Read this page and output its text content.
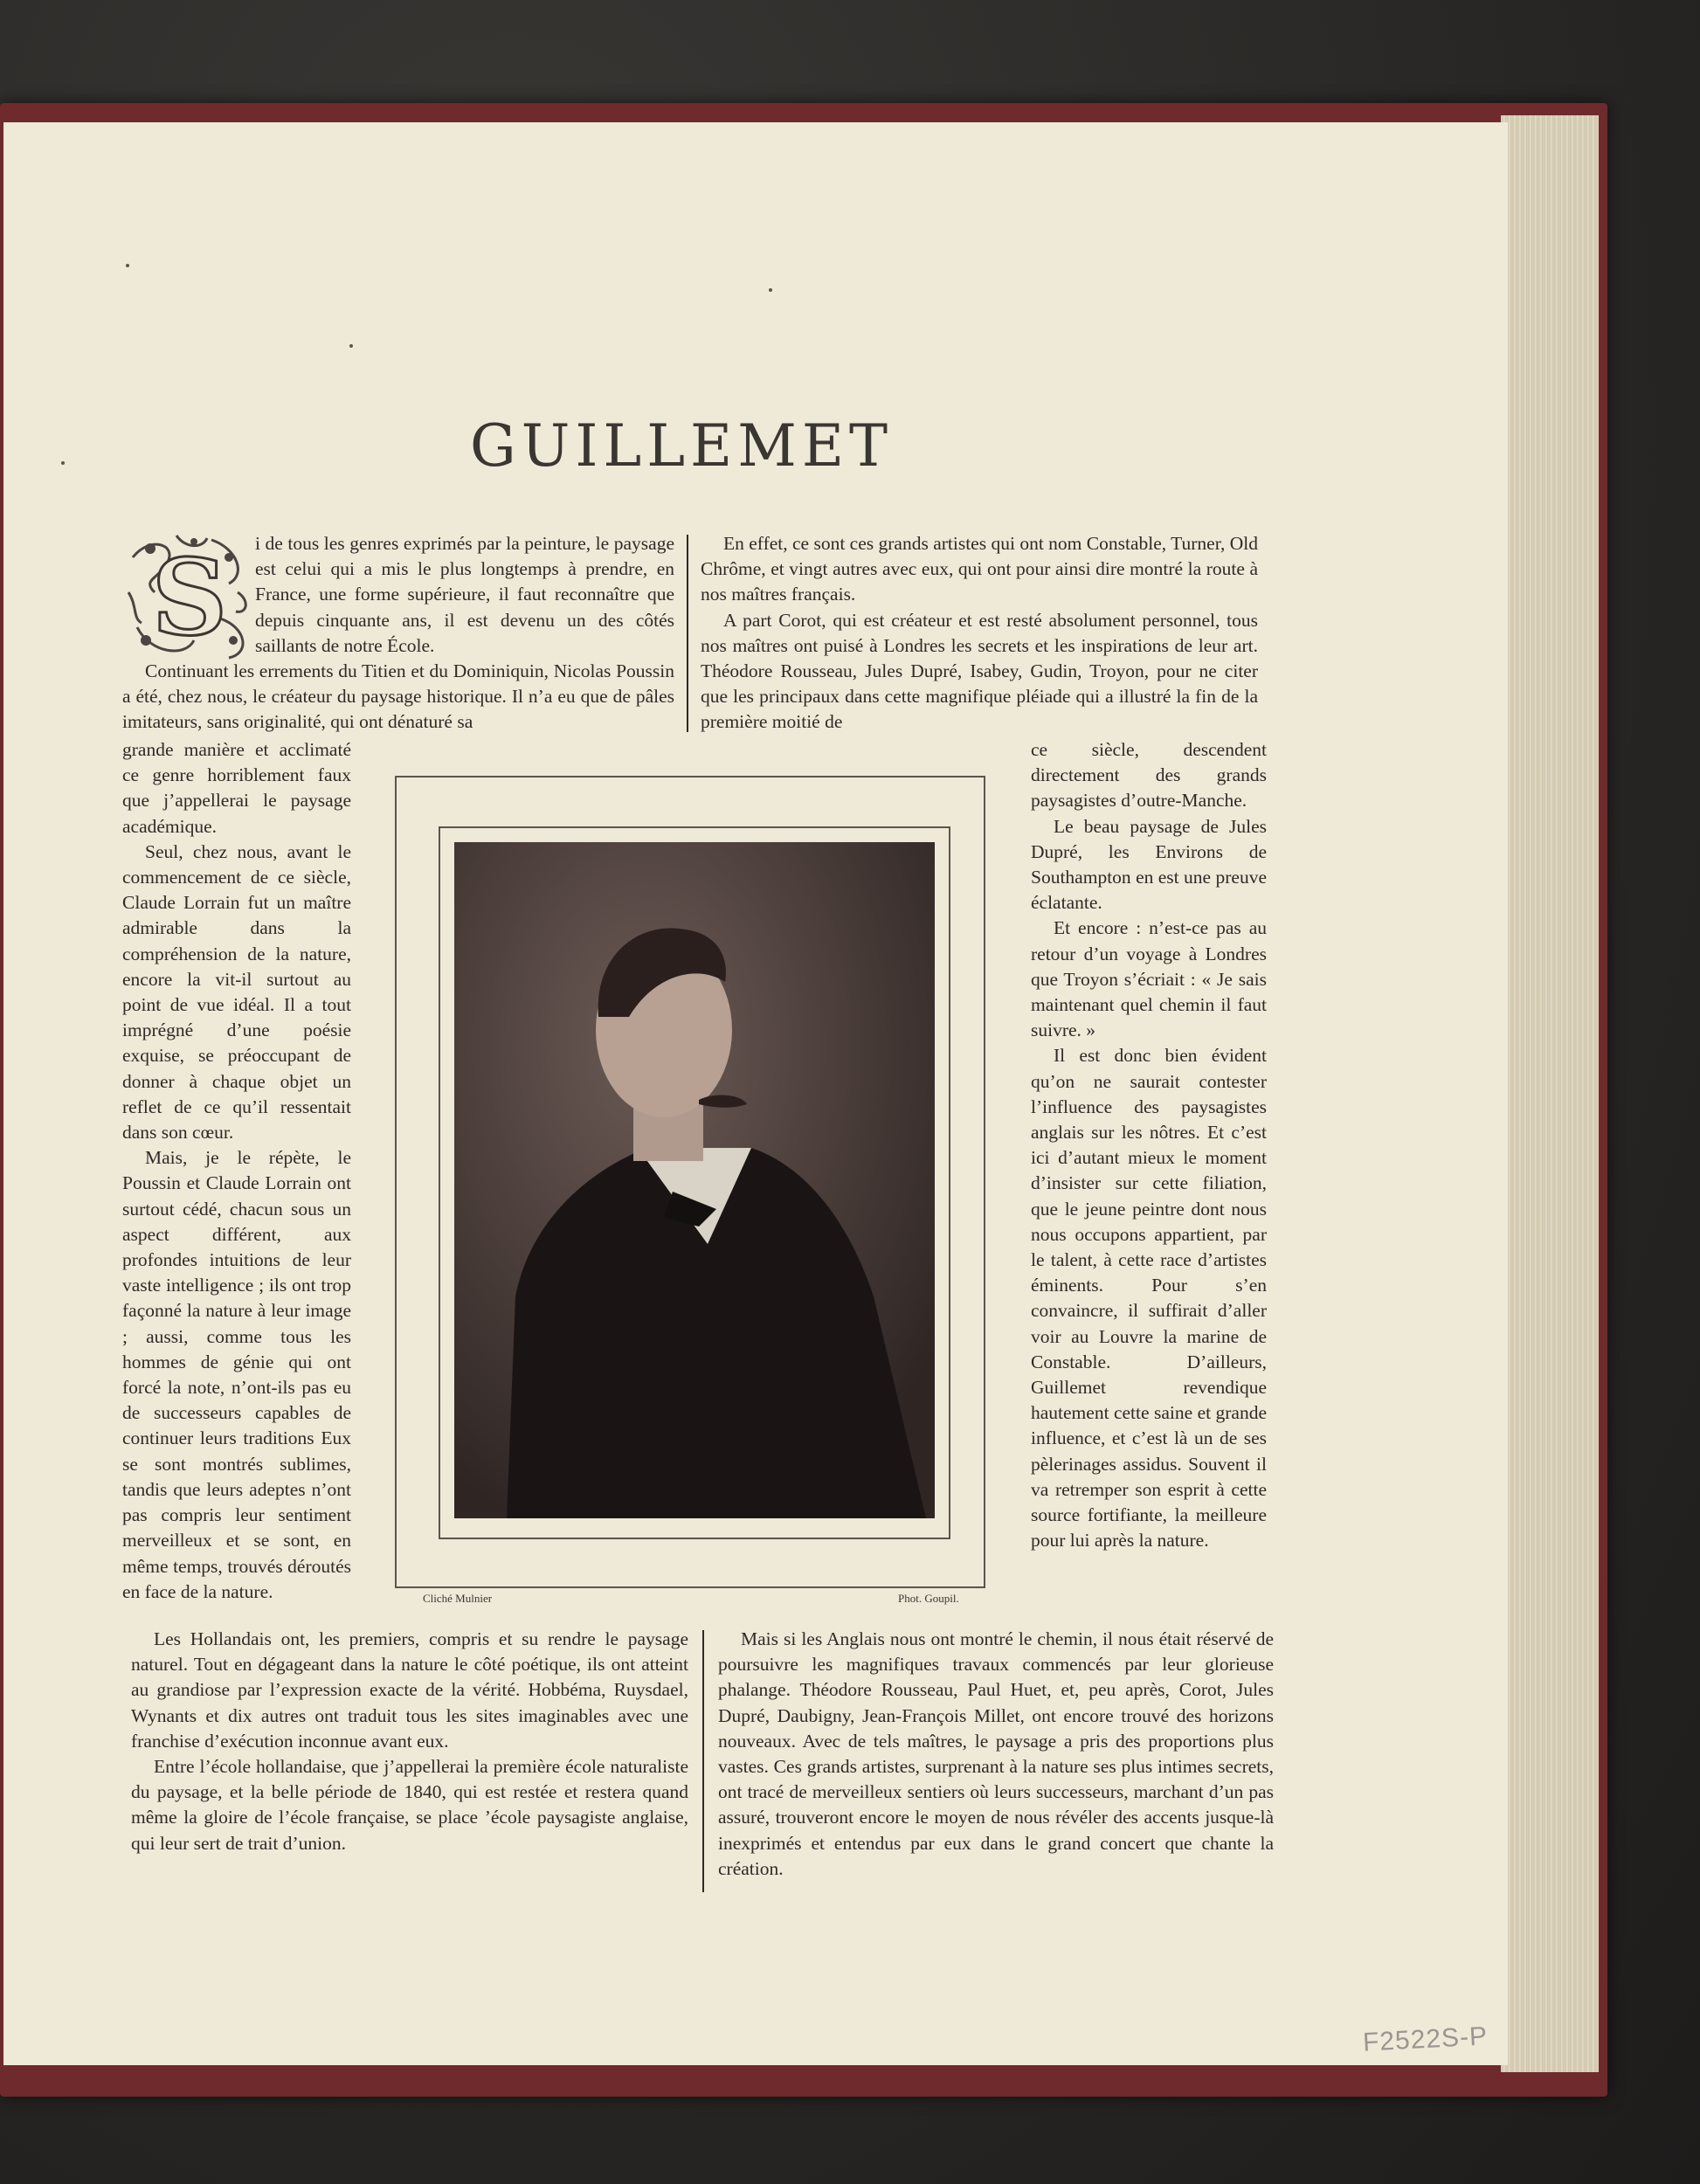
GUILLEMET
S i de tous les genres exprimés par la peinture, le paysage est celui qui a mis le plus longtemps à prendre, en France, une forme supérieure, il faut reconnaître que depuis cinquante ans, il est devenu un des côtés saillants de notre École.

Continuant les errements du Titien et du Dominiquin, Nicolas Poussin a été, chez nous, le créateur du paysage historique. Il n’a eu que de pâles imitateurs, sans originalité, qui ont dénaturé sa

grande manière et acclimaté ce genre horriblement faux que j’appellerai le paysage académique.

Seul, chez nous, avant le commencement de ce siècle, Claude Lorrain fut un maître admirable dans la compréhension de la nature, encore la vit-il surtout au point de vue idéal. Il a tout imprégné d’une poésie exquise, se préoccupant de donner à chaque objet un reflet de ce qu’il ressentait dans son cœur.

Mais, je le répète, le Poussin et Claude Lorrain ont surtout cédé, chacun sous un aspect différent, aux profondes intuitions de leur vaste intelligence ; ils ont trop façonné la nature à leur image ; aussi, comme tous les hommes de génie qui ont forcé la note, n’ont-ils pas eu de successeurs capables de continuer leurs traditions Eux se sont montrés sublimes, tandis que leurs adeptes n’ont pas compris leur sentiment merveilleux et se sont, en même temps, trouvés déroutés en face de la nature.	Cliché Mulnier	Phot. Goupil.

En effet, ce sont ces grands artistes qui ont nom Constable, Turner, Old Chrôme, et vingt autres avec eux, qui ont pour ainsi dire montré la route à nos maîtres français.

A part Corot, qui est créateur et est resté absolument personnel, tous nos maîtres ont puisé à Londres les secrets et les inspirations de leur art. Théodore Rousseau, Jules Dupré, Isabey, Gudin, Troyon, pour ne citer que les principaux dans cette magnifique pléiade qui a illustré la fin de la première moitié de

ce siècle, descendent directement des grands paysagistes d’outre-Manche.

Le beau paysage de Jules Dupré, les Environs de Southampton en est une preuve éclatante.

Et encore : n’est-ce pas au retour d’un voyage à Londres que Troyon s’écriait : « Je sais maintenant quel chemin il faut suivre. »

Il est donc bien évident qu’on ne saurait contester l’influence des paysagistes anglais sur les nôtres. Et c’est ici d’autant mieux le moment d’insister sur cette filiation, que le jeune peintre dont nous nous occupons appartient, par le talent, à cette race d’artistes éminents. Pour s’en convaincre, il suffirait d’aller voir au Louvre la marine de Constable. D’ailleurs, Guillemet revendique hautement cette saine et grande influence, et c’est là un de ses pèlerinages assidus. Souvent il va retremper son esprit à cette source fortifiante, la meilleure pour lui après la nature.

Les Hollandais ont, les premiers, compris et su rendre le paysage naturel. Tout en dégageant dans la nature le côté poétique, ils ont atteint au grandiose par l’expression exacte de la vérité. Hobbéma, Ruysdael, Wynants et dix autres ont traduit tous les sites imaginables avec une franchise d’exécution inconnue avant eux.

Entre l’école hollandaise, que j’appellerai la première école naturaliste du paysage, et la belle période de 1840, qui est restée et restera quand même la gloire de l’école française, se place ’école paysagiste anglaise, qui leur sert de trait d’union.

Mais si les Anglais nous ont montré le chemin, il nous était réservé de poursuivre les magnifiques travaux commencés par leur glorieuse phalange. Théodore Rousseau, Paul Huet, et, peu après, Corot, Jules Dupré, Daubigny, Jean-François Millet, ont encore trouvé des horizons nouveaux. Avec de tels maîtres, le paysage a pris des proportions plus vastes. Ces grands artistes, surprenant à la nature ses plus intimes secrets, ont tracé de merveilleux sentiers où leurs successeurs, marchant d’un pas assuré, trouveront encore le moyen de nous révéler des accents jusque-là inexprimés et entendus par eux dans le grand concert que chante la création.

F2522S-P
